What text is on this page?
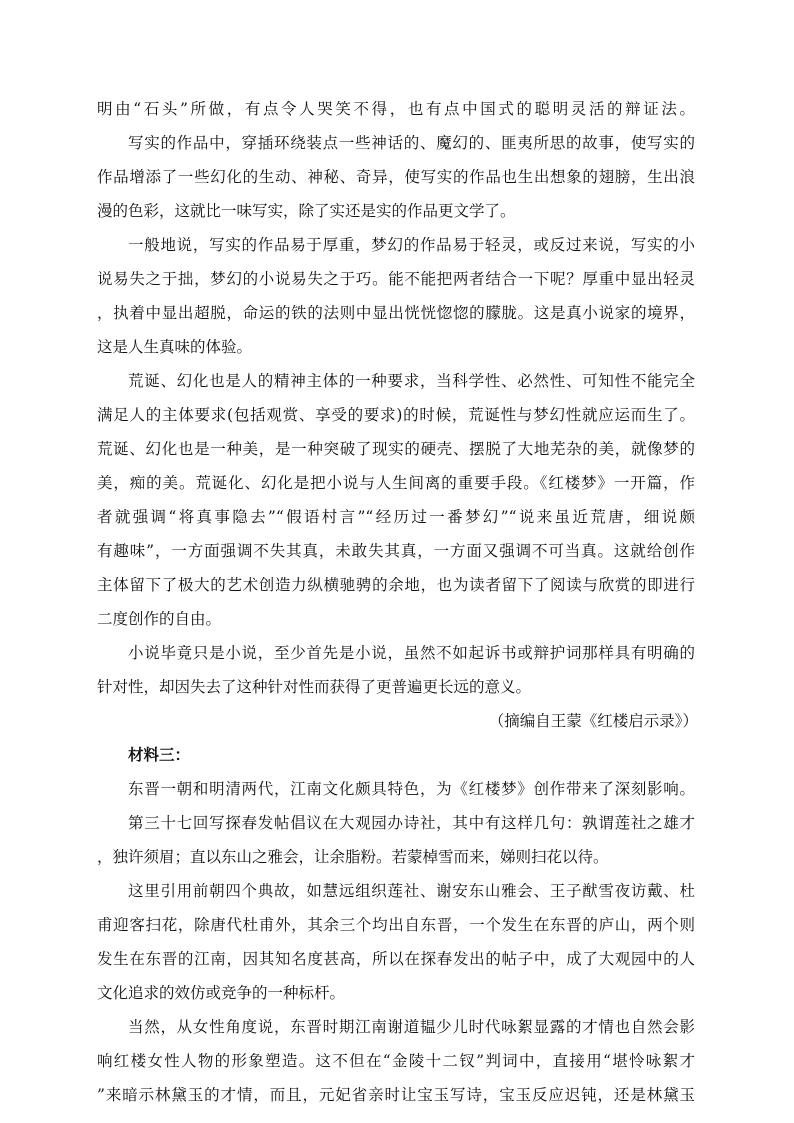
明由“石头”所做，有点令人哭笑不得，也有点中国式的聪明灵活的辩证法。
写实的作品中，穿插环绕装点一些神话的、魔幻的、匪夷所思的故事，使写实的
作品增添了一些幻化的生动、神秘、奇异，使写实的作品也生出想象的翅膀，生出浪
漫的色彩，这就比一味写实，除了实还是实的作品更文学了。
一般地说，写实的作品易于厚重，梦幻的作品易于轻灵，或反过来说，写实的小
说易失之于拙，梦幻的小说易失之于巧。能不能把两者结合一下呢？厚重中显出轻灵
，执着中显出超脱，命运的铁的法则中显出恍恍惚惚的朦胧。这是真小说家的境界，
这是人生真味的体验。
荒诞、幻化也是人的精神主体的一种要求，当科学性、必然性、可知性不能完全
满足人的主体要求(包括观赏、享受的要求)的时候，荒诞性与梦幻性就应运而生了。
荒诞、幻化也是一种美，是一种突破了现实的硬壳、摆脱了大地芜杂的美，就像梦的
美，痴的美。荒诞化、幻化是把小说与人生间离的重要手段。《红楼梦》一开篇，作
者就强调“将真事隐去”“假语村言”“经历过一番梦幻”“说来虽近荒唐，细说颇
有趣味”，一方面强调不失其真，未敢失其真，一方面又强调不可当真。这就给创作
主体留下了极大的艺术创造力纵横驰骋的余地，也为读者留下了阅读与欣赏的即进行
二度创作的自由。
小说毕竟只是小说，至少首先是小说，虽然不如起诉书或辩护词那样具有明确的
针对性，却因失去了这种针对性而获得了更普遍更长远的意义。
（摘编自王蒙《红楼启示录》）
材料三：
东晋一朝和明清两代，江南文化颇具特色，为《红楼梦》创作带来了深刻影响。
第三十七回写探春发帖倡议在大观园办诗社，其中有这样几句：孰谓莲社之雄才
，独许须眉；直以东山之雅会，让余脂粉。若蒙棹雪而来，娣则扫花以待。
这里引用前朝四个典故，如慧远组织莲社、谢安东山雅会、王子猷雪夜访戴、杜
甫迎客扫花，除唐代杜甫外，其余三个均出自东晋，一个发生在东晋的庐山，两个则
发生在东晋的江南，因其知名度甚高，所以在探春发出的帖子中，成了大观园中的人
文化追求的效仿或竞争的一种标杆。
当然，从女性角度说，东晋时期江南谢道韫少儿时代咏絮显露的才情也自然会影
响红楼女性人物的形象塑造。这不但在“金陵十二钗”判词中，直接用“堪怜咏絮才
”来暗示林黛玉的才情，而且，元妃省亲时让宝玉写诗，宝玉反应迟钝，还是林黛玉
